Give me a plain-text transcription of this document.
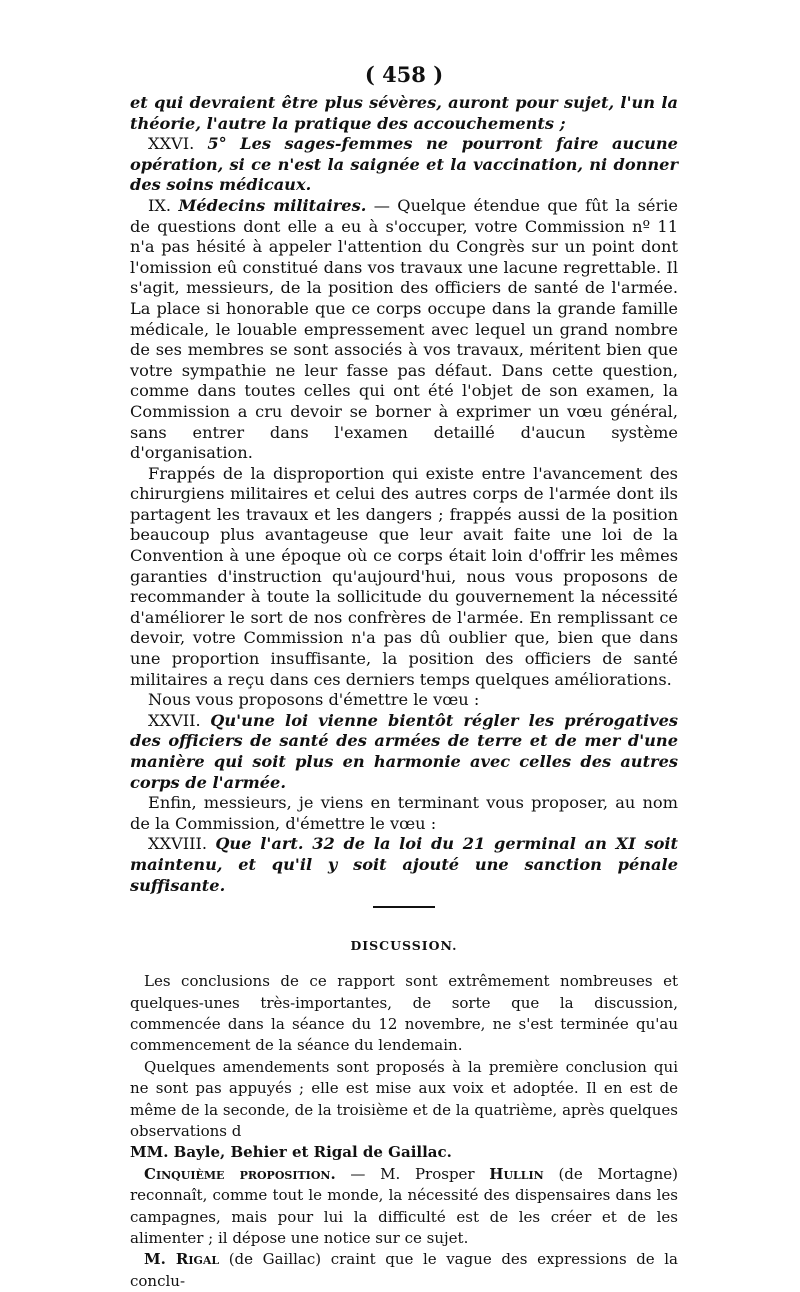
( 458 )

et qui devraient être plus sévères, auront pour sujet, l'un la théorie, l'autre la pratique des accouchements ;

XXVI. 5° Les sages-femmes ne pourront faire aucune opération, si ce n'est la saignée et la vaccination, ni donner des soins médicaux.

IX. Médecins militaires. — Quelque étendue que fût la série de questions dont elle a eu à s'occuper, votre Commission nº 11 n'a pas hésité à appeler l'attention du Congrès sur un point dont l'omission eû constitué dans vos travaux une lacune regrettable. Il s'agit, messieurs, de la position des officiers de santé de l'armée. La place si honorable que ce corps occupe dans la grande famille médicale, le louable empressement avec lequel un grand nombre de ses membres se sont associés à vos travaux, méritent bien que votre sympathie ne leur fasse pas défaut. Dans cette question, comme dans toutes celles qui ont été l'objet de son examen, la Commission a cru devoir se borner à exprimer un vœu général, sans entrer dans l'examen detaillé d'aucun système d'organisation.

Frappés de la disproportion qui existe entre l'avancement des chirurgiens militaires et celui des autres corps de l'armée dont ils partagent les travaux et les dangers ; frappés aussi de la position beaucoup plus avantageuse que leur avait faite une loi de la Convention à une époque où ce corps était loin d'offrir les mêmes garanties d'instruction qu'aujourd'hui, nous vous proposons de recommander à toute la sollicitude du gouvernement la nécessité d'améliorer le sort de nos confrères de l'armée. En remplissant ce devoir, votre Commission n'a pas dû oublier que, bien que dans une proportion insuffisante, la position des officiers de santé militaires a reçu dans ces derniers temps quelques améliorations.

Nous vous proposons d'émettre le vœu :

XXVII. Qu'une loi vienne bientôt régler les prérogatives des officiers de santé des armées de terre et de mer d'une manière qui soit plus en harmonie avec celles des autres corps de l'armée.

Enfin, messieurs, je viens en terminant vous proposer, au nom de la Commission, d'émettre le vœu :

XXVIII. Que l'art. 32 de la loi du 21 germinal an XI soit maintenu, et qu'il y soit ajouté une sanction pénale suffisante.

DISCUSSION.

Les conclusions de ce rapport sont extrêmement nombreuses et quelques-unes très-importantes, de sorte que la discussion, commencée dans la séance du 12 novembre, ne s'est terminée qu'au commencement de la séance du lendemain.

Quelques amendements sont proposés à la première conclusion qui ne sont pas appuyés ; elle est mise aux voix et adoptée. Il en est de même de la seconde, de la troisième et de la quatrième, après quelques observations d
MM. Bayle, Behier et Rigal de Gaillac.

Cinquième proposition. — M. Prosper Hullin (de Mortagne) reconnaît, comme tout le monde, la nécessité des dispensaires dans les campagnes, mais pour lui la difficulté est de les créer et de les alimenter ; il dépose une notice sur ce sujet.

M. Rigal (de Gaillac) craint que le vague des expressions de la conclu-
